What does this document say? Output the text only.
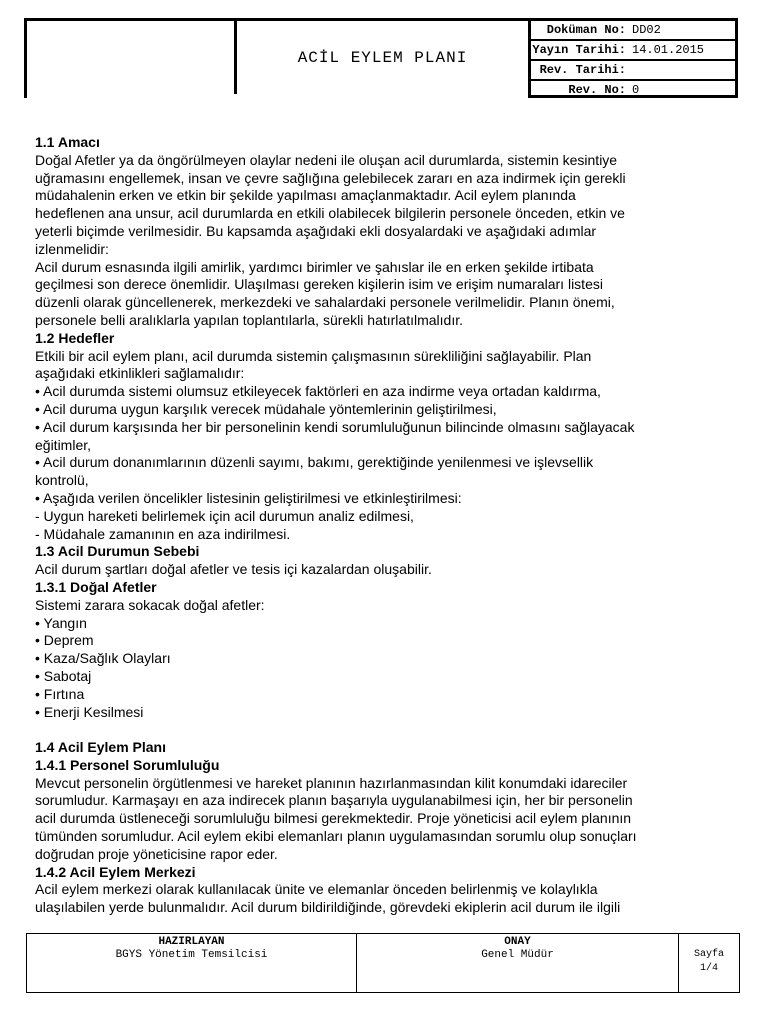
ACİL EYLEM PLANI
Doküman No: DD02
Yayın Tarihi: 14.01.2015
Rev. Tarihi:
Rev. No: 0

1.1 Amacı

Doğal Afetler ya da öngörülmeyen olaylar nedeni ile oluşan acil durumlarda, sistemin kesintiye

uğramasını engellemek, insan ve çevre sağlığına gelebilecek zararı en aza indirmek için gerekli

müdahalenin erken ve etkin bir şekilde yapılması amaçlanmaktadır. Acil eylem planında

hedeflenen ana unsur, acil durumlarda en etkili olabilecek bilgilerin personele önceden, etkin ve

yeterli biçimde verilmesidir. Bu kapsamda aşağıdaki ekli dosyalardaki ve aşağıdaki adımlar

izlenmelidir:

Acil durum esnasında ilgili amirlik, yardımcı birimler ve şahıslar ile en erken şekilde irtibata

geçilmesi son derece önemlidir. Ulaşılması gereken kişilerin isim ve erişim numaraları listesi

düzenli olarak güncellenerek, merkezdeki ve sahalardaki personele verilmelidir. Planın önemi,

personele belli aralıklarla yapılan toplantılarla, sürekli hatırlatılmalıdır.

1.2 Hedefler

Etkili bir acil eylem planı, acil durumda sistemin çalışmasının sürekliliğini sağlayabilir. Plan

aşağıdaki etkinlikleri sağlamalıdır:

• Acil durumda sistemi olumsuz etkileyecek faktörleri en aza indirme veya ortadan kaldırma,

• Acil duruma uygun karşılık verecek müdahale yöntemlerinin geliştirilmesi,

• Acil durum karşısında her bir personelinin kendi sorumluluğunun bilincinde olmasını sağlayacak

eğitimler,

• Acil durum donanımlarının düzenli sayımı, bakımı, gerektiğinde yenilenmesi ve işlevsellik

kontrolü,

• Aşağıda verilen öncelikler listesinin geliştirilmesi ve etkinleştirilmesi:

- Uygun hareketi belirlemek için acil durumun analiz edilmesi,

- Müdahale zamanının en aza indirilmesi.

1.3 Acil Durumun Sebebi

Acil durum şartları doğal afetler ve tesis içi kazalardan oluşabilir.

1.3.1 Doğal Afetler

Sistemi zarara sokacak doğal afetler:

• Yangın

• Deprem

• Kaza/Sağlık Olayları

• Sabotaj

• Fırtına

• Enerji Kesilmesi

1.4 Acil Eylem Planı

1.4.1 Personel Sorumluluğu

Mevcut personelin örgütlenmesi ve hareket planının hazırlanmasından kilit konumdaki idareciler

sorumludur. Karmaşayı en aza indirecek planın başarıyla uygulanabilmesi için, her bir personelin

acil durumda üstleneceği sorumluluğu bilmesi gerekmektedir. Proje yöneticisi acil eylem planının

tümünden sorumludur. Acil eylem ekibi elemanları planın uygulamasından sorumlu olup sonuçları

doğrudan proje yöneticisine rapor eder.

1.4.2 Acil Eylem Merkezi

Acil eylem merkezi olarak kullanılacak ünite ve elemanlar önceden belirlenmiş ve kolaylıkla

ulaşılabilen yerde bulunmalıdır. Acil durum bildirildiğinde, görevdeki ekiplerin acil durum ile ilgili

HAZIRLAYAN
BGYS Yönetim Temsilcisi
ONAY
Genel Müdür	Sayfa
1/4
